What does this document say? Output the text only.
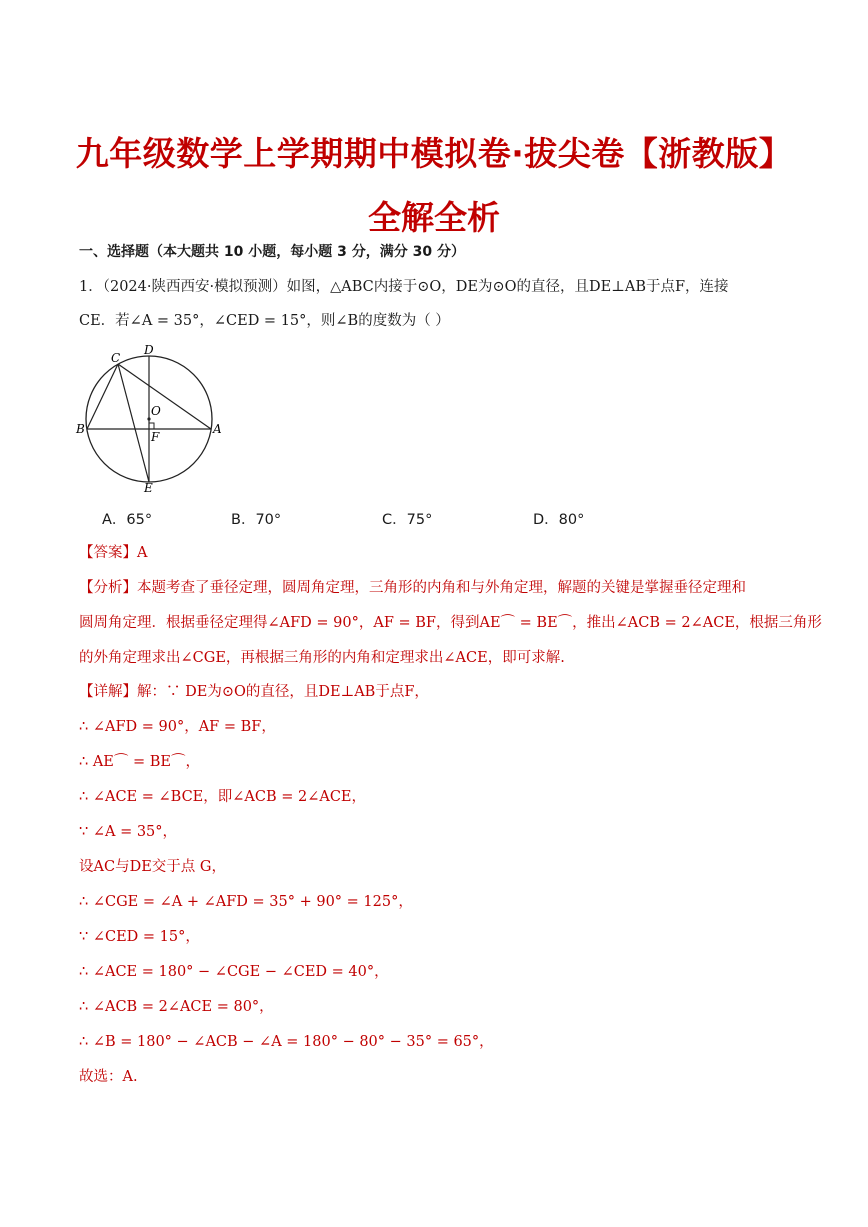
九年级数学上学期期中模拟卷·拔尖卷【浙教版】
全解全析
一、选择题（本大题共 10 小题，每小题 3 分，满分 30 分）
1．（2024·陕西西安·模拟预测）如图，△ABC内接于⊙O，DE为⊙O的直径，且DE⊥AB于点F，连接
CE．若∠A = 35°，∠CED = 15°，则∠B的度数为（ ）
C
D
O
B
F
A
E
A．65°	B．70°	C．75°	D．80°
【答案】A
【分析】本题考查了垂径定理，圆周角定理，三角形的内角和与外角定理，解题的关键是掌握垂径定理和
圆周角定理．根据垂径定理得∠AFD = 90°，AF = BF，得到AE⌒ = BE⌒，推出∠ACB = 2∠ACE，根据三角形
的外角定理求出∠CGE，再根据三角形的内角和定理求出∠ACE，即可求解.
【详解】解：∵ DE为⊙O的直径，且DE⊥AB于点F，
∴ ∠AFD = 90°，AF = BF，
∴ AE⌒ = BE⌒，
∴ ∠ACE = ∠BCE，即∠ACB = 2∠ACE，
∵ ∠A = 35°，
设AC与DE交于点 G，
∴ ∠CGE = ∠A + ∠AFD = 35° + 90° = 125°，
∵ ∠CED = 15°，
∴ ∠ACE = 180° − ∠CGE − ∠CED = 40°，
∴ ∠ACB = 2∠ACE = 80°，
∴ ∠B = 180° − ∠ACB − ∠A = 180° − 80° − 35° = 65°，
故选：A.
